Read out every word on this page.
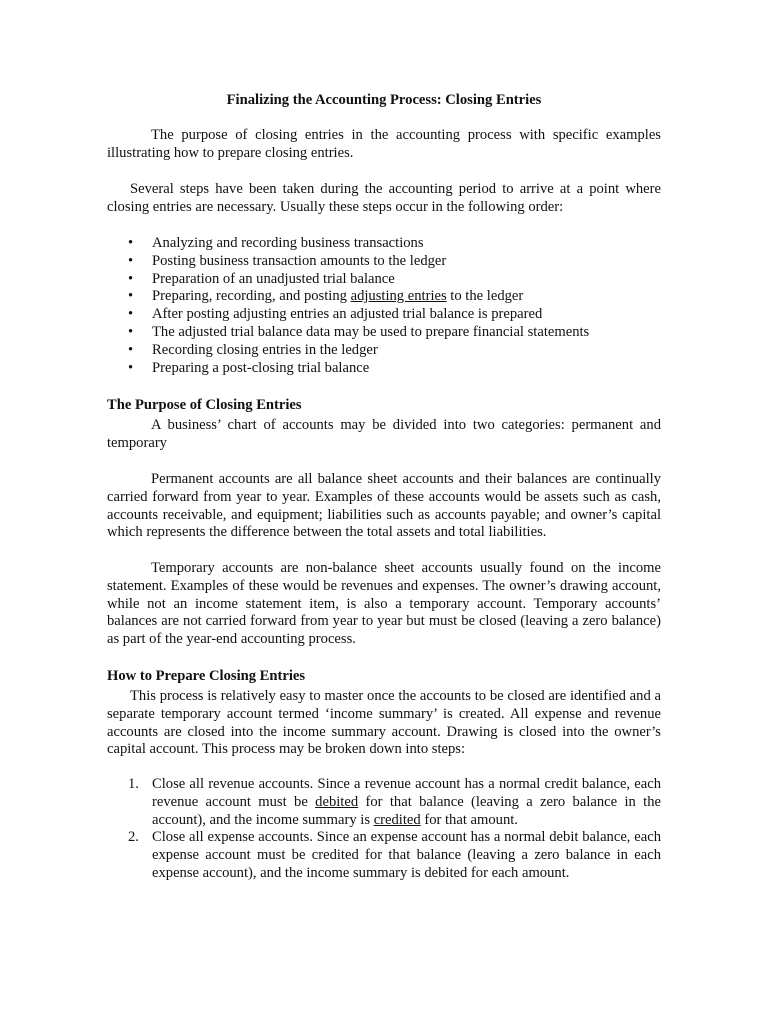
Finalizing the Accounting Process: Closing Entries

The purpose of closing entries in the accounting process with specific examples illustrating how to prepare closing entries.

Several steps have been taken during the accounting period to arrive at a point where closing entries are necessary. Usually these steps occur in the following order:

• Analyzing and recording business transactions
• Posting business transaction amounts to the ledger
• Preparation of an unadjusted trial balance
• Preparing, recording, and posting adjusting entries to the ledger
• After posting adjusting entries an adjusted trial balance is prepared
• The adjusted trial balance data may be used to prepare financial statements
• Recording closing entries in the ledger
• Preparing a post-closing trial balance
The Purpose of Closing Entries

A business’ chart of accounts may be divided into two categories: permanent and temporary

Permanent accounts are all balance sheet accounts and their balances are continually carried forward from year to year. Examples of these accounts would be assets such as cash, accounts receivable, and equipment; liabilities such as accounts payable; and owner’s capital which represents the difference between the total assets and total liabilities.

Temporary accounts are non-balance sheet accounts usually found on the income statement. Examples of these would be revenues and expenses. The owner’s drawing account, while not an income statement item, is also a temporary account. Temporary accounts’ balances are not carried forward from year to year but must be closed (leaving a zero balance) as part of the year-end accounting process.

How to Prepare Closing Entries

This process is relatively easy to master once the accounts to be closed are identified and a separate temporary account termed ‘income summary’ is created. All expense and revenue accounts are closed into the income summary account. Drawing is closed into the owner’s capital account. This process may be broken down into steps:

1. Close all revenue accounts. Since a revenue account has a normal credit balance, each revenue account must be debited for that balance (leaving a zero balance in the account), and the income summary is credited for that amount.
2. Close all expense accounts. Since an expense account has a normal debit balance, each expense account must be credited for that balance (leaving a zero balance in each expense account), and the income summary is debited for each amount.
